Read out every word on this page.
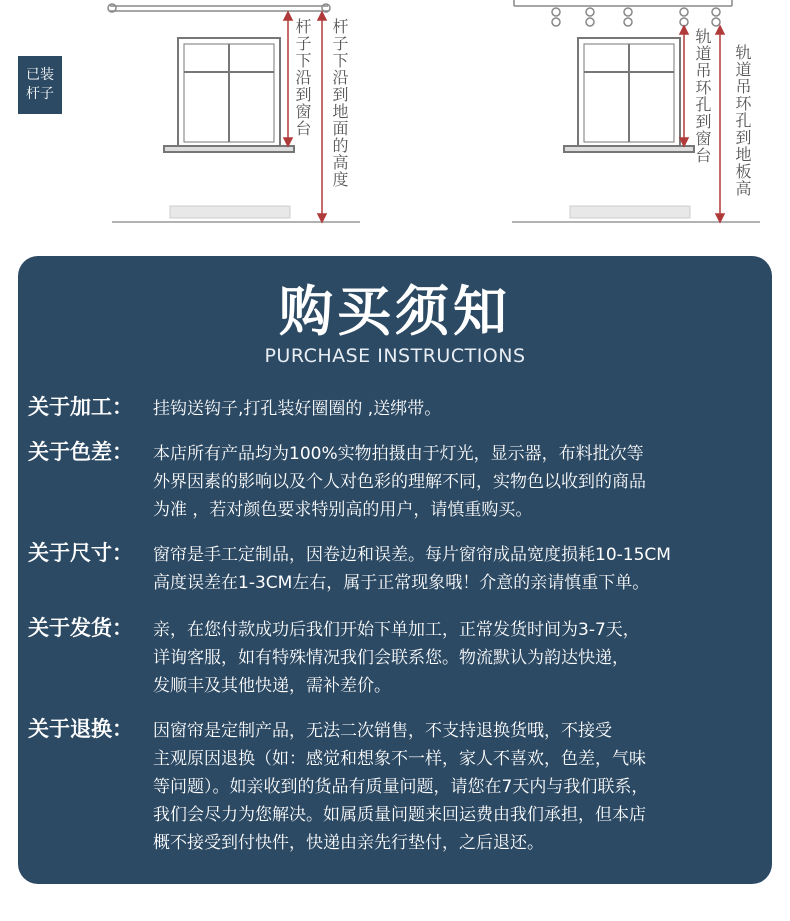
已装
杆子	杆子下沿到窗台 杆子下沿到地面的高度	轨道吊环孔到窗台 轨道吊环孔到地板高
购买须知
PURCHASE INSTRUCTIONS
关于加工： 挂钩送钩子,打孔装好圈圈的 ,送绑带。
关于色差： 本店所有产品均为100%实物拍摄由于灯光，显示器，布料批次等
外界因素的影响以及个人对色彩的理解不同，实物色以收到的商品
为准 ，若对颜色要求特别高的用户，请慎重购买。
关于尺寸： 窗帘是手工定制品，因卷边和误差。每片窗帘成品宽度损耗10-15CM
高度误差在1-3CM左右，属于正常现象哦！介意的亲请慎重下单。
关于发货： 亲，在您付款成功后我们开始下单加工，正常发货时间为3-7天，
详询客服，如有特殊情况我们会联系您。物流默认为韵达快递，
发顺丰及其他快递，需补差价。
关于退换： 因窗帘是定制产品，无法二次销售，不支持退换货哦，不接受
主观原因退换（如：感觉和想象不一样，家人不喜欢，色差，气味
等问题）。如亲收到的货品有质量问题，请您在7天内与我们联系，
我们会尽力为您解决。如属质量问题来回运费由我们承担，但本店
概不接受到付快件，快递由亲先行垫付，之后退还。
